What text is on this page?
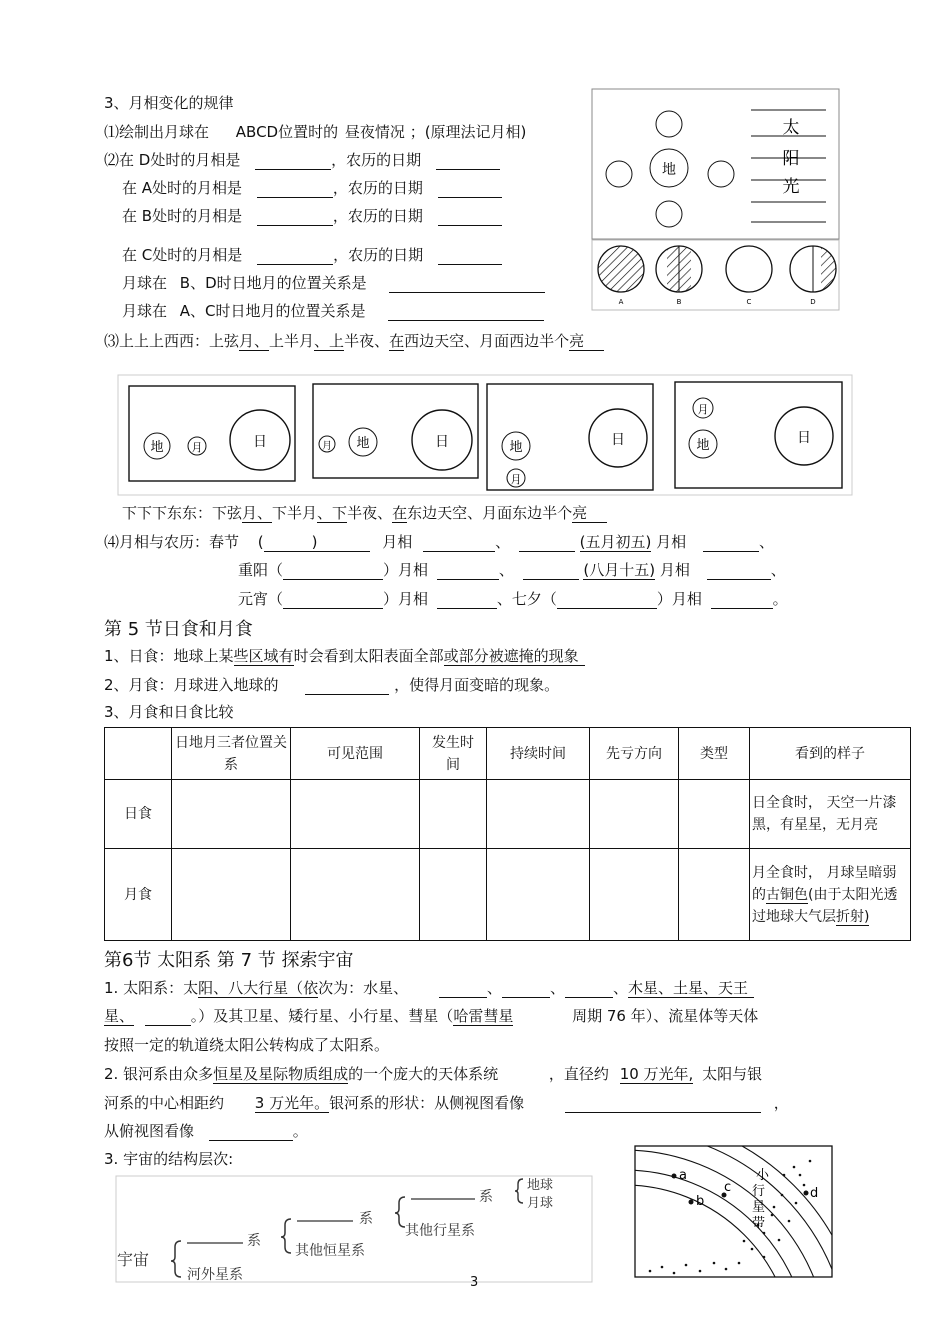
3、月相变化的规律
⑴绘制出月球在 ABCD位置时的 昼夜情况 ；(原理法记月相)
⑵在 D处时的月相是	，农历的日期
在 A处时的月相是	，农历的日期
在 B处时的月相是	，农历的日期
在 C处时的月相是	，农历的日期
月球在 B、D时日地月的位置关系是
月球在 A、C时日地月的位置关系是
⑶上上上西西：上弦月、上半月、上半夜、在西边天空、月面西边半个亮
地
太
阳
光
A	B	C	D
地	月	日	月 地	日	地
月
日
月
地	日
下下下东东：下弦月、下半月、下半夜、在东边天空、月面东边半个亮
⑷月相与农历：春节 (	)	月相	、	(五月初五) 月相	、
重阳（	）月相	、	(八月十五) 月相	、
元宵（	）月相	、七夕（	）月相	。
第 5 节日食和月食
1、日食：地球上某些区域有时会看到太阳表面全部或部分被遮掩的现象
2、月食：月球进入地球的	，使得月面变暗的现象。
3、月食和日食比较
	日地月三者位置关系	可见范围	发生时间	持续时间	先亏方向	类型	看到的样子
日食							日全食时， 天空一片漆黑，有星星，无月亮
月食							月全食时， 月球呈暗弱的古铜色(由于太阳光透过地球大气层折射)
第6节 太阳系 第 7 节 探索宇宙
1. 太阳系：太阳、八大行星（依次为：水星、	、	、	、木星、土星、天王
星、	。）及其卫星、矮行星、小行星、彗星（哈雷彗星	周期 76 年）、流星体等天体
按照一定的轨道绕太阳公转构成了太阳系。
2. 银河系由众多恒星及星际物质组成的一个庞大的天体系统	，直径约 10 万光年, 太阳与银
河系的中心相距约 3 万光年。银河系的形状：从侧视图看像	，
从俯视图看像	。
3. 宇宙的结构层次:
宇宙
系
河外星系
系
其他恒星系
系
其他行星系
地球
月球
a
b
c	d
小
行
星
带
3
